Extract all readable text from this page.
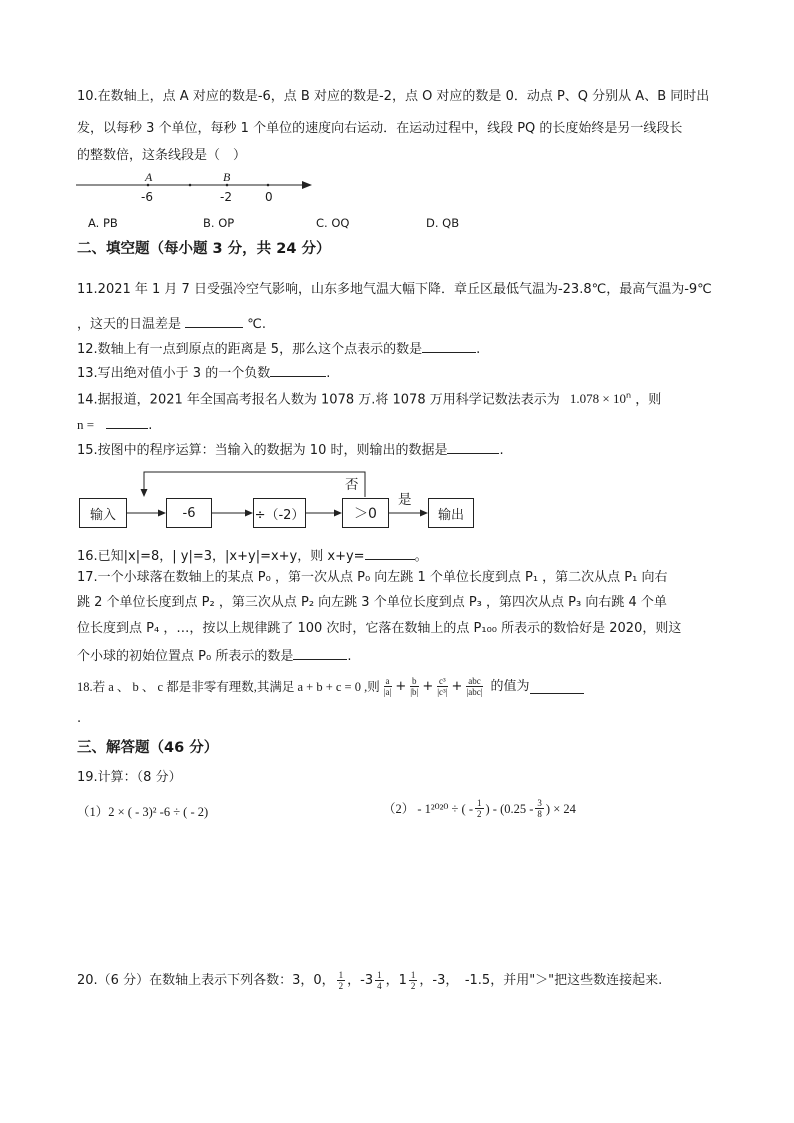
10.在数轴上，点 A 对应的数是-6，点 B 对应的数是-2，点 O 对应的数是 0．动点 P、Q 分别从 A、B 同时出
发，以每秒 3 个单位，每秒 1 个单位的速度向右运动．在运动过程中，线段 PQ 的长度始终是另一线段长
的整数倍，这条线段是（　）
A	B
-6	-2	0
A. PB	B. OP	C. OQ	D. QB
二、填空题（每小题 3 分，共 24 分）
11.2021 年 1 月 7 日受强冷空气影响，山东多地气温大幅下降．章丘区最低气温为-23.8℃，最高气温为-9℃
，这天的日温差是	℃.
12.数轴上有一点到原点的距离是 5，那么这个点表示的数是	.
13.写出绝对值小于 3 的一个负数	.
14.据报道，2021 年全国高考报名人数为 1078 万.将 1078 万用科学记数法表示为 $1.078 \times 10^n$ ，则
n =	.
15.按图中的程序运算：当输入的数据为 10 时，则输出的数据是	.
输入	-6	÷（-2）	＞0	输出
否
是
16.已知|x|=8，| y|=3，|x+y|=x+y，则 x+y=	。
17.一个小球落在数轴上的某点 P₀ ，第一次从点 P₀ 向左跳 1 个单位长度到点 P₁ ，第二次从点 P₁ 向右
跳 2 个单位长度到点 P₂ ，第三次从点 P₂ 向左跳 3 个单位长度到点 P₃ ，第四次从点 P₃ 向右跳 4 个单
位长度到点 P₄ ，…，按以上规律跳了 100 次时，它落在数轴上的点 P₁₀₀ 所表示的数恰好是 2020，则这
个小球的初始位置点 P₀ 所表示的数是	.
18.若 a 、 b 、 c 都是非零有理数,其满足 a + b + c = 0 ,则 $\frac{a}{|a|} + \frac{b}{|b|} + \frac{\text{c³}}{\text{|c³|}} + \frac{\text{abc}}{\text{|abc|}}$ 的值为
.
三、解答题（46 分）
19.计算：（8 分）
（1）2 × ( - 3)² -6 ÷ ( - 2)	（2） - 1²⁰²⁰ ÷ ( - $\frac{1}{2}$ ) - ($0.25 - \frac{3}{8}$ ) × 24
20.（6 分）在数轴上表示下列各数：3，0， $\frac{1}{2}$ ，$-3 \frac{1}{4}$ ，$1 \frac{1}{2}$ ，-3，　-1.5，并用"＞"把这些数连接起来.
